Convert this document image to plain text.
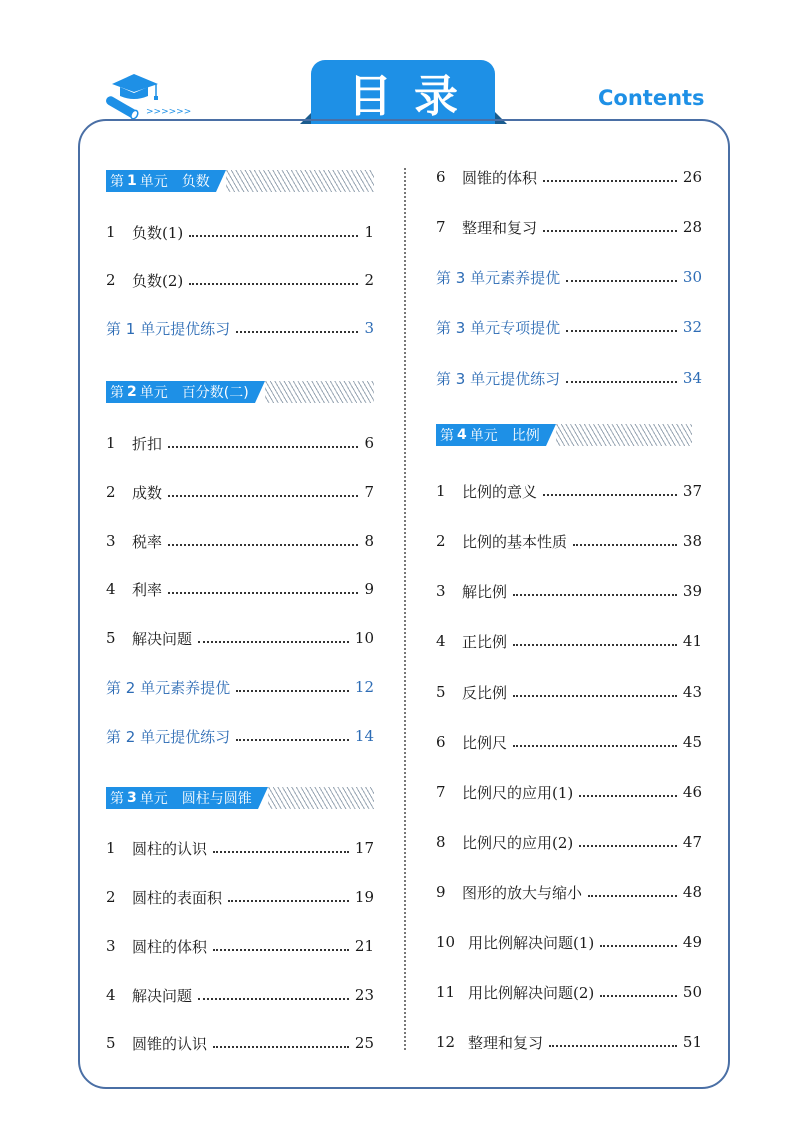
>>>>>>	目录	Contents
第 1 单元 负数
1	负数(1)	1
2	负数(2)	2
第 1 单元提优练习	3
第 2 单元 百分数(二)
1	折扣	6
2	成数	7
3	税率	8
4	利率	9
5	解决问题	10
第 2 单元素养提优	12
第 2 单元提优练习	14
第 3 单元 圆柱与圆锥
1	圆柱的认识	17
2	圆柱的表面积	19
3	圆柱的体积	21
4	解决问题	23
5	圆锥的认识	25
6	圆锥的体积	26
7	整理和复习	28
第 3 单元素养提优	30
第 3 单元专项提优	32
第 3 单元提优练习	34
第 4 单元 比例
1	比例的意义	37
2	比例的基本性质	38
3	解比例	39
4	正比例	41
5	反比例	43
6	比例尺	45
7	比例尺的应用(1)	46
8	比例尺的应用(2)	47
9	图形的放大与缩小	48
10 用比例解决问题(1)	49
11 用比例解决问题(2)	50
12 整理和复习	51
